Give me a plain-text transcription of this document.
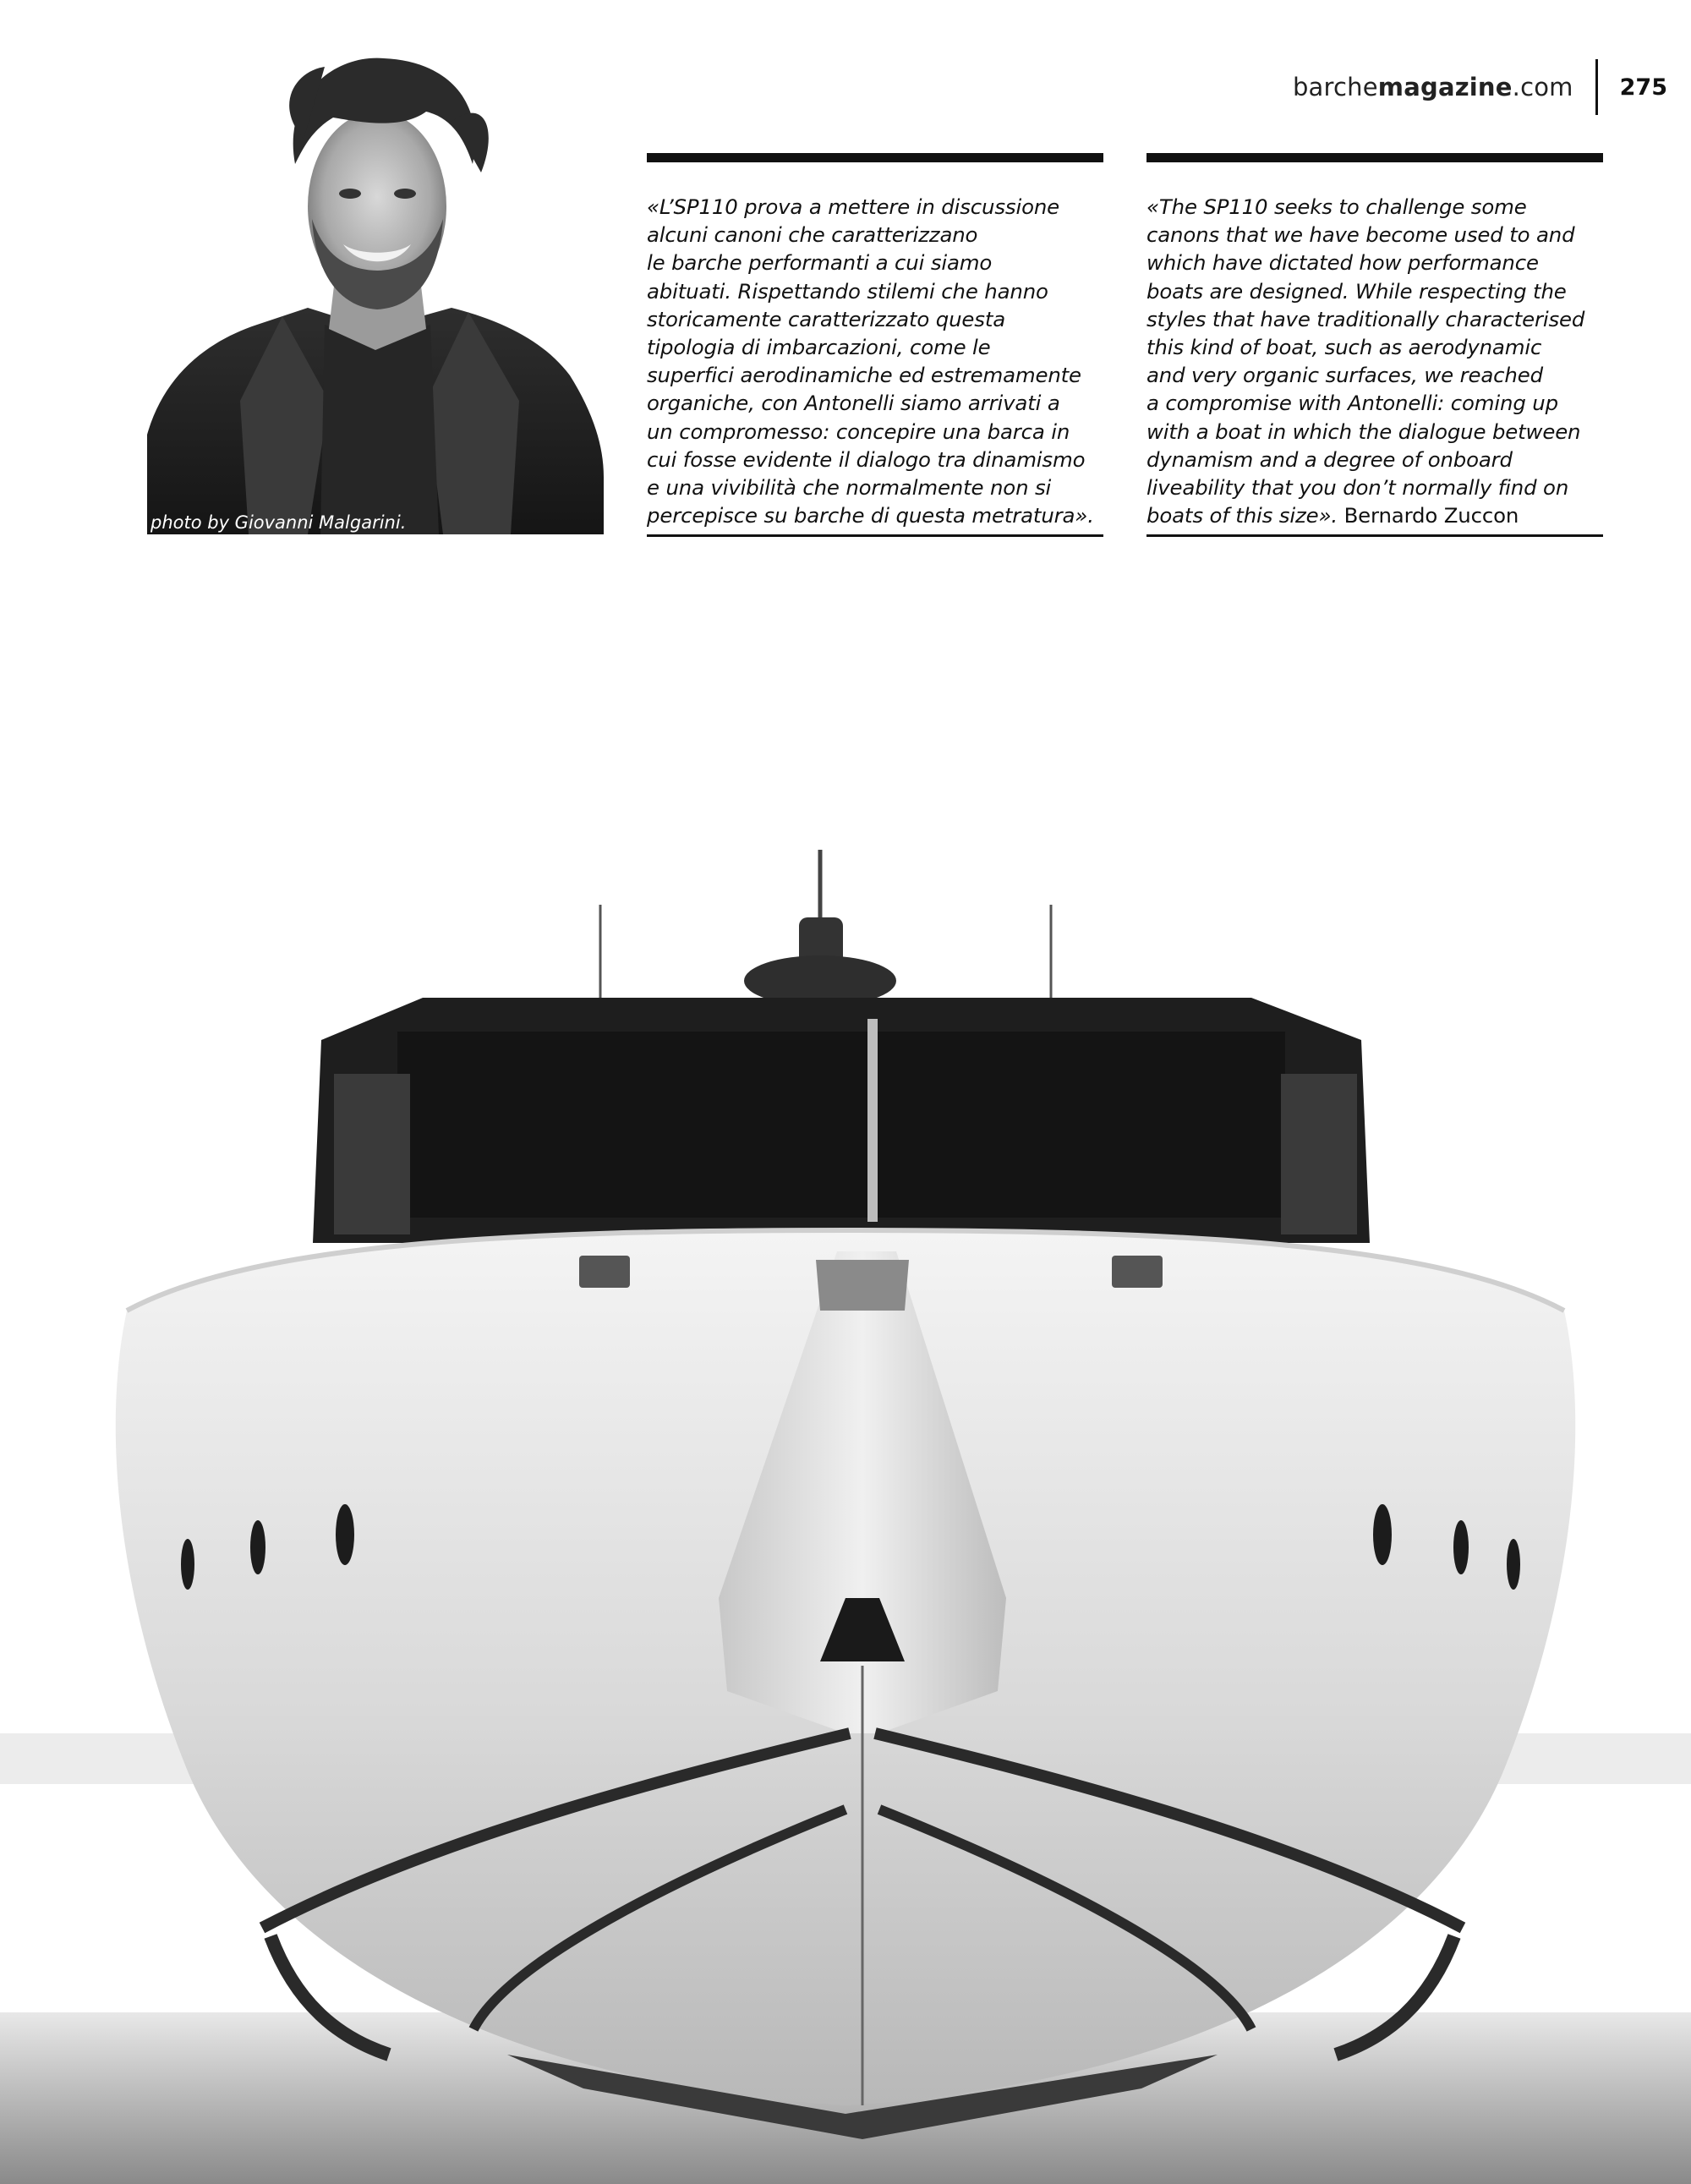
barchemagazine.com 275
photo by Giovanni Malgarini.
«L’SP110 prova a mettere in discussione
alcuni canoni che caratterizzano
le barche performanti a cui siamo
abituati. Rispettando stilemi che hanno
storicamente caratterizzato questa
tipologia di imbarcazioni, come le
superfici aerodinamiche ed estremamente
organiche, con Antonelli siamo arrivati a
un compromesso: concepire una barca in
cui fosse evidente il dialogo tra dinamismo
e una vivibilità che normalmente non si
percepisce su barche di questa metratura».
«The SP110 seeks to challenge some
canons that we have become used to and
which have dictated how performance
boats are designed. While respecting the
styles that have traditionally characterised
this kind of boat, such as aerodynamic
and very organic surfaces, we reached
a compromise with Antonelli: coming up
with a boat in which the dialogue between
dynamism and a degree of onboard
liveability that you don’t normally find on
boats of this size». Bernardo Zuccon
